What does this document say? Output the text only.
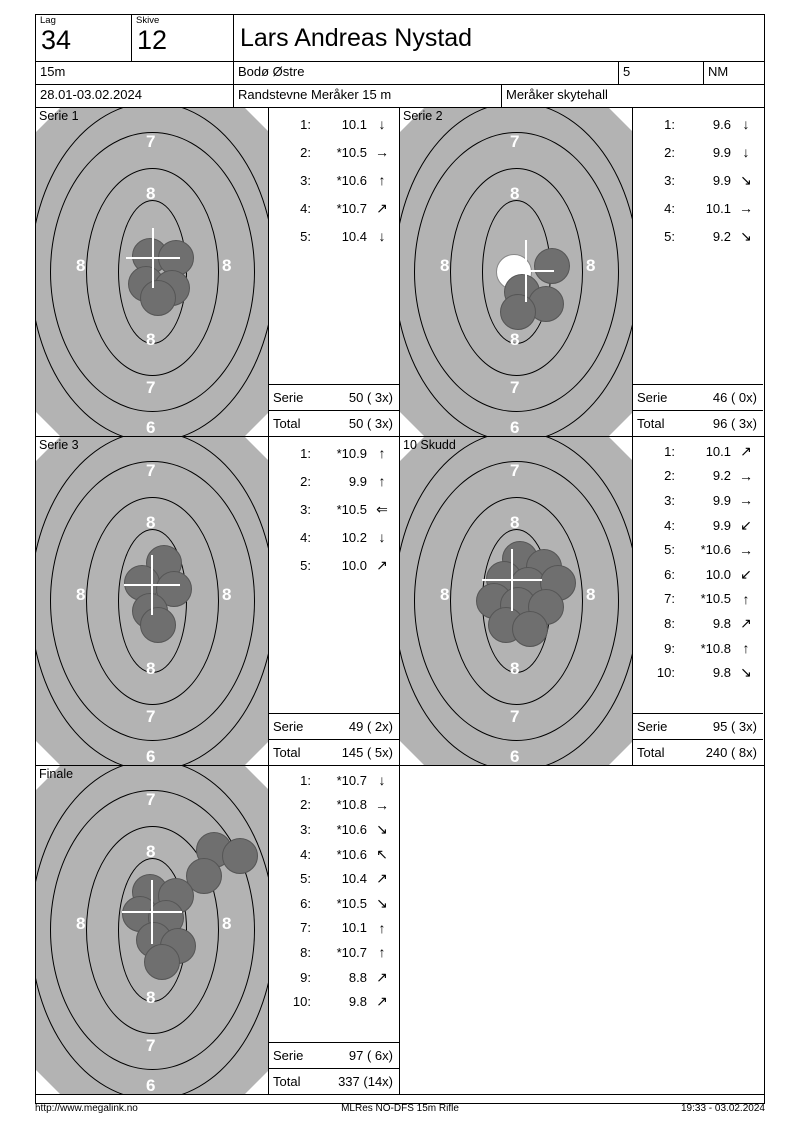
Lag
34
Skive
12	Lars Andreas Nystad
15m	Bodø Østre	5	NM
28.01-03.02.2024	Randstevne Meråker 15 m	Meråker skytehall
7
8
8	8
8
7
6
Serie 1
1:	10.1 ↓
2:	*10.5 →
3:	*10.6 ↑
4:	*10.7 ↗
5:	10.4 ↓
Serie	50 ( 3x)
Total	50 ( 3x)
7
8
8	8
8
7
6
Serie 2
1:	9.6 ↓
2:	9.9 ↓
3:	9.9 ↘
4:	10.1 →
5:	9.2 ↘
Serie	46 ( 0x)
Total	96 ( 3x)
7
8
8	8
8
7
6
Serie 3
1:	*10.9 ↑
2:	9.9 ↑
3:	*10.5 ⇐
4:	10.2 ↓
5:	10.0 ↗
Serie	49 ( 2x)
Total	145 ( 5x)
7
8
8	8
8
7
6
10 Skudd	1:	10.1 ↗
2:	9.2 →
3:	9.9 →
4:	9.9 ↙
5:	*10.6 →
6:	10.0 ↙
7:	*10.5 ↑
8:	9.8 ↗
9:	*10.8 ↑
10:	9.8 ↘
Serie	95 ( 3x)
Total	240 ( 8x)
7
8
8	8
8
7
6
Finale	1:	*10.7 ↓
2:	*10.8 →
3:	*10.6 ↘
4:	*10.6 ↖
5:	10.4 ↗
6:	*10.5 ↘
7:	10.1 ↑
8:	*10.7 ↑
9:	8.8 ↗
10:	9.8 ↗
Serie	97 ( 6x)
Total	337 (14x)
http://www.megalink.no	MLRes NO-DFS 15m Rifle	19:33 - 03.02.2024
